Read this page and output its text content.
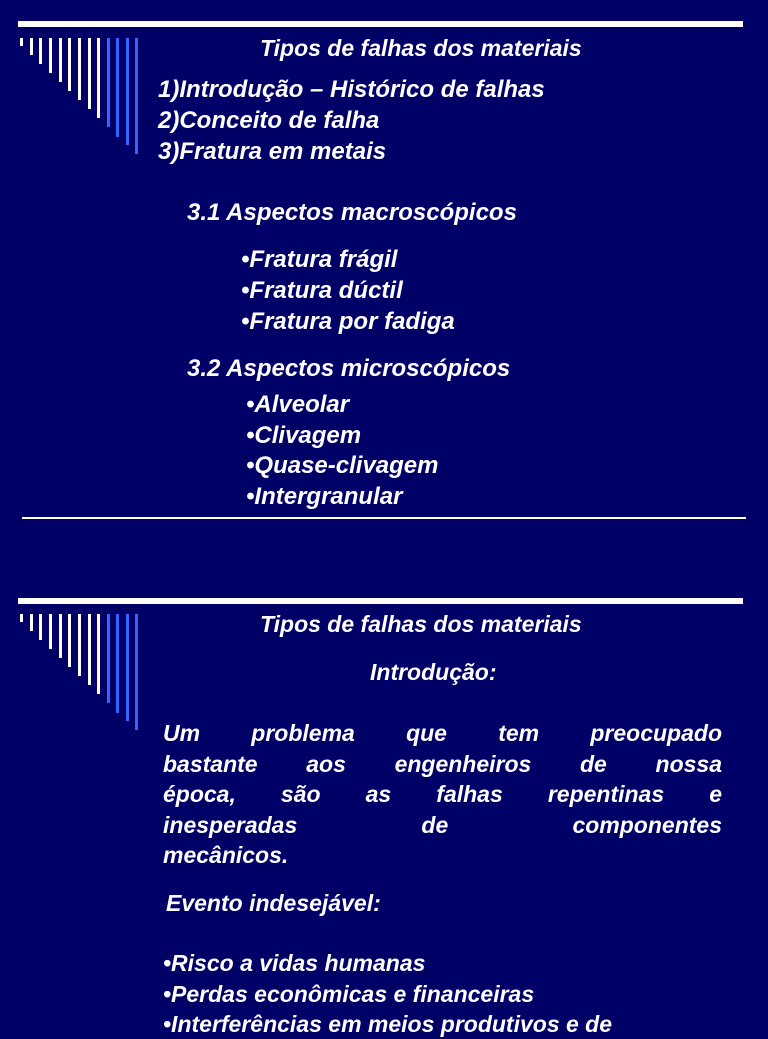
Tipos de falhas dos materiais
1)Introdução – Histórico de falhas
2)Conceito de falha
3)Fratura em metais
3.1 Aspectos macroscópicos
•Fratura frágil
•Fratura dúctil
•Fratura por fadiga
3.2 Aspectos microscópicos
•Alveolar
•Clivagem
•Quase-clivagem
•Intergranular
Tipos de falhas dos materiais
Introdução:
Um problema que tem preocupado
bastante aos engenheiros de nossa
época, são as falhas repentinas e
inesperadas de componentes
mecânicos.
Evento indesejável:
•Risco a vidas humanas
•Perdas econômicas e financeiras
•Interferências em meios produtivos e de
